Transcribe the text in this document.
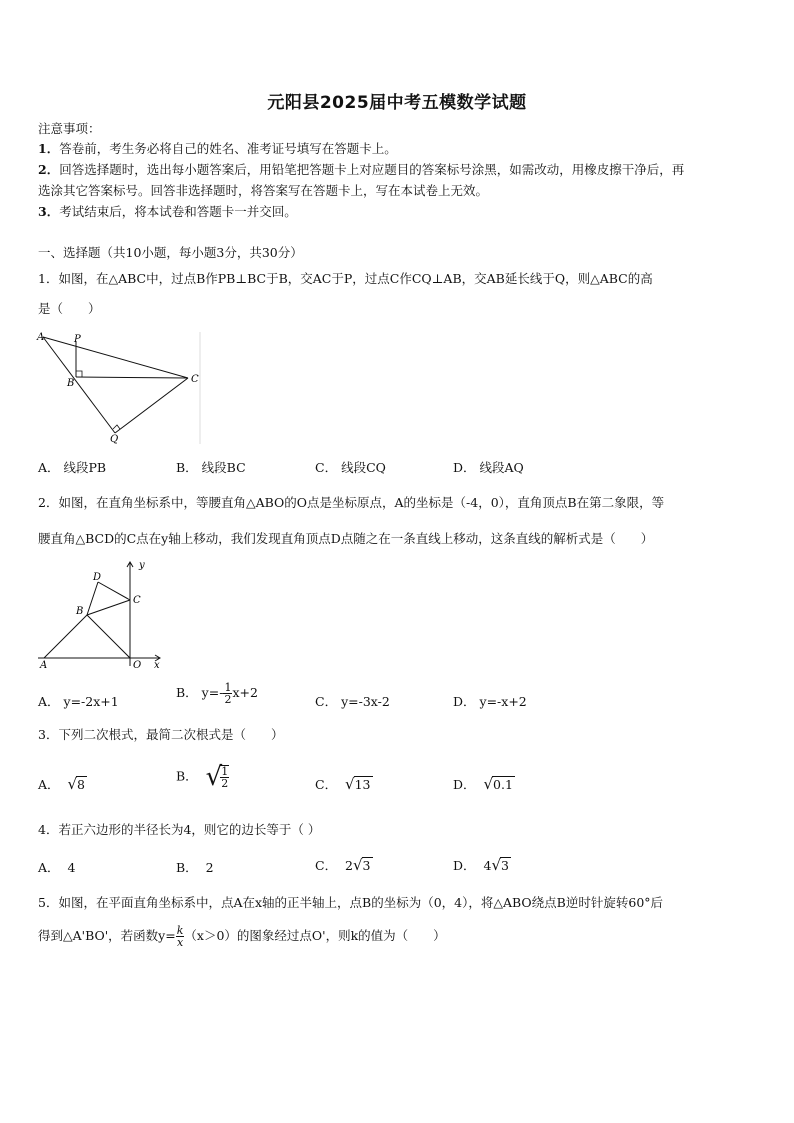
元阳县2025届中考五模数学试题
注意事项：
1．答卷前，考生务必将自己的姓名、准考证号填写在答题卡上。
2．回答选择题时，选出每小题答案后，用铅笔把答题卡上对应题目的答案标号涂黑，如需改动，用橡皮擦干净后，再
选涂其它答案标号。回答非选择题时，将答案写在答题卡上，写在本试卷上无效。
3．考试结束后，将本试卷和答题卡一并交回。
一、选择题（共10小题，每小题3分，共30分）
1．如图，在△ABC中，过点B作PB⊥BC于B，交AC于P，过点C作CQ⊥AB，交AB延长线于Q，则△ABC的高
是（　　）
A	P
B	C
Q
A． 线段PB	B． 线段BC	C． 线段CQ	D． 线段AQ
2．如图，在直角坐标系中，等腰直角△ABO的O点是坐标原点，A的坐标是（-4，0），直角顶点B在第二象限，等
腰直角△BCD的C点在y轴上移动，我们发现直角顶点D点随之在一条直线上移动，这条直线的解析式是（　　）
D
y
C
B
A	O x
A． y=-2x+1
B． $y=- \frac{1}{2} x+2$
C． y=-3x-2	D． y=-x+2
3．下列二次根式，最简二次根式是（　　）
A． √8
B． √
$\frac{1}{2}$	C． √13	D． √0.1
4．若正六边形的半径长为4，则它的边长等于（ ）
A． 4	B． 2	C． 2√3	D． 4√3
5．如图，在平面直角坐标系中，点A在x轴的正半轴上，点B的坐标为（0，4），将△ABO绕点B逆时针旋转60°后
得到△A'BO'，若函数$y= \frac{k}{x} (x>0)$的图象经过点O'，则k的值为（　　）
